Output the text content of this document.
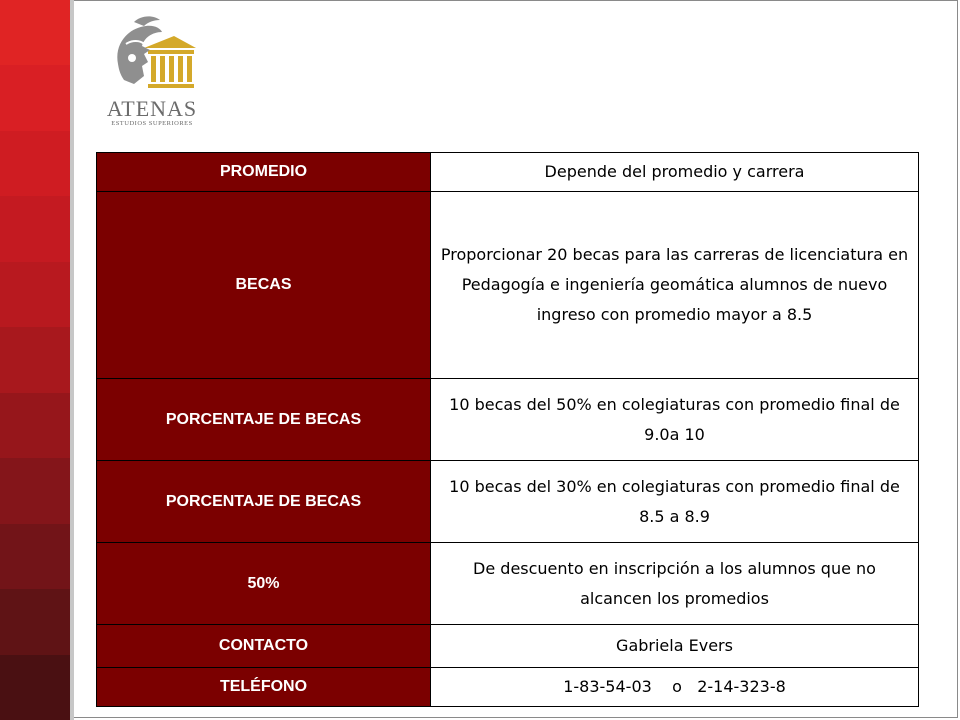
ATENAS
ESTUDIOS SUPERIORES
PROMEDIO	Depende del promedio y carrera
BECAS	Proporcionar 20 becas para las carreras de licenciatura en Pedagogía e ingeniería geomática alumnos de nuevo ingreso con promedio mayor a 8.5
PORCENTAJE DE BECAS	10 becas del 50% en colegiaturas con promedio final de 9.0a 10
PORCENTAJE DE BECAS	10 becas del 30% en colegiaturas con promedio final de 8.5 a 8.9
50%	De descuento en inscripción a los alumnos que no alcancen los promedios
CONTACTO	Gabriela Evers
TELÉFONO	1-83-54-03    o   2-14-323-8
